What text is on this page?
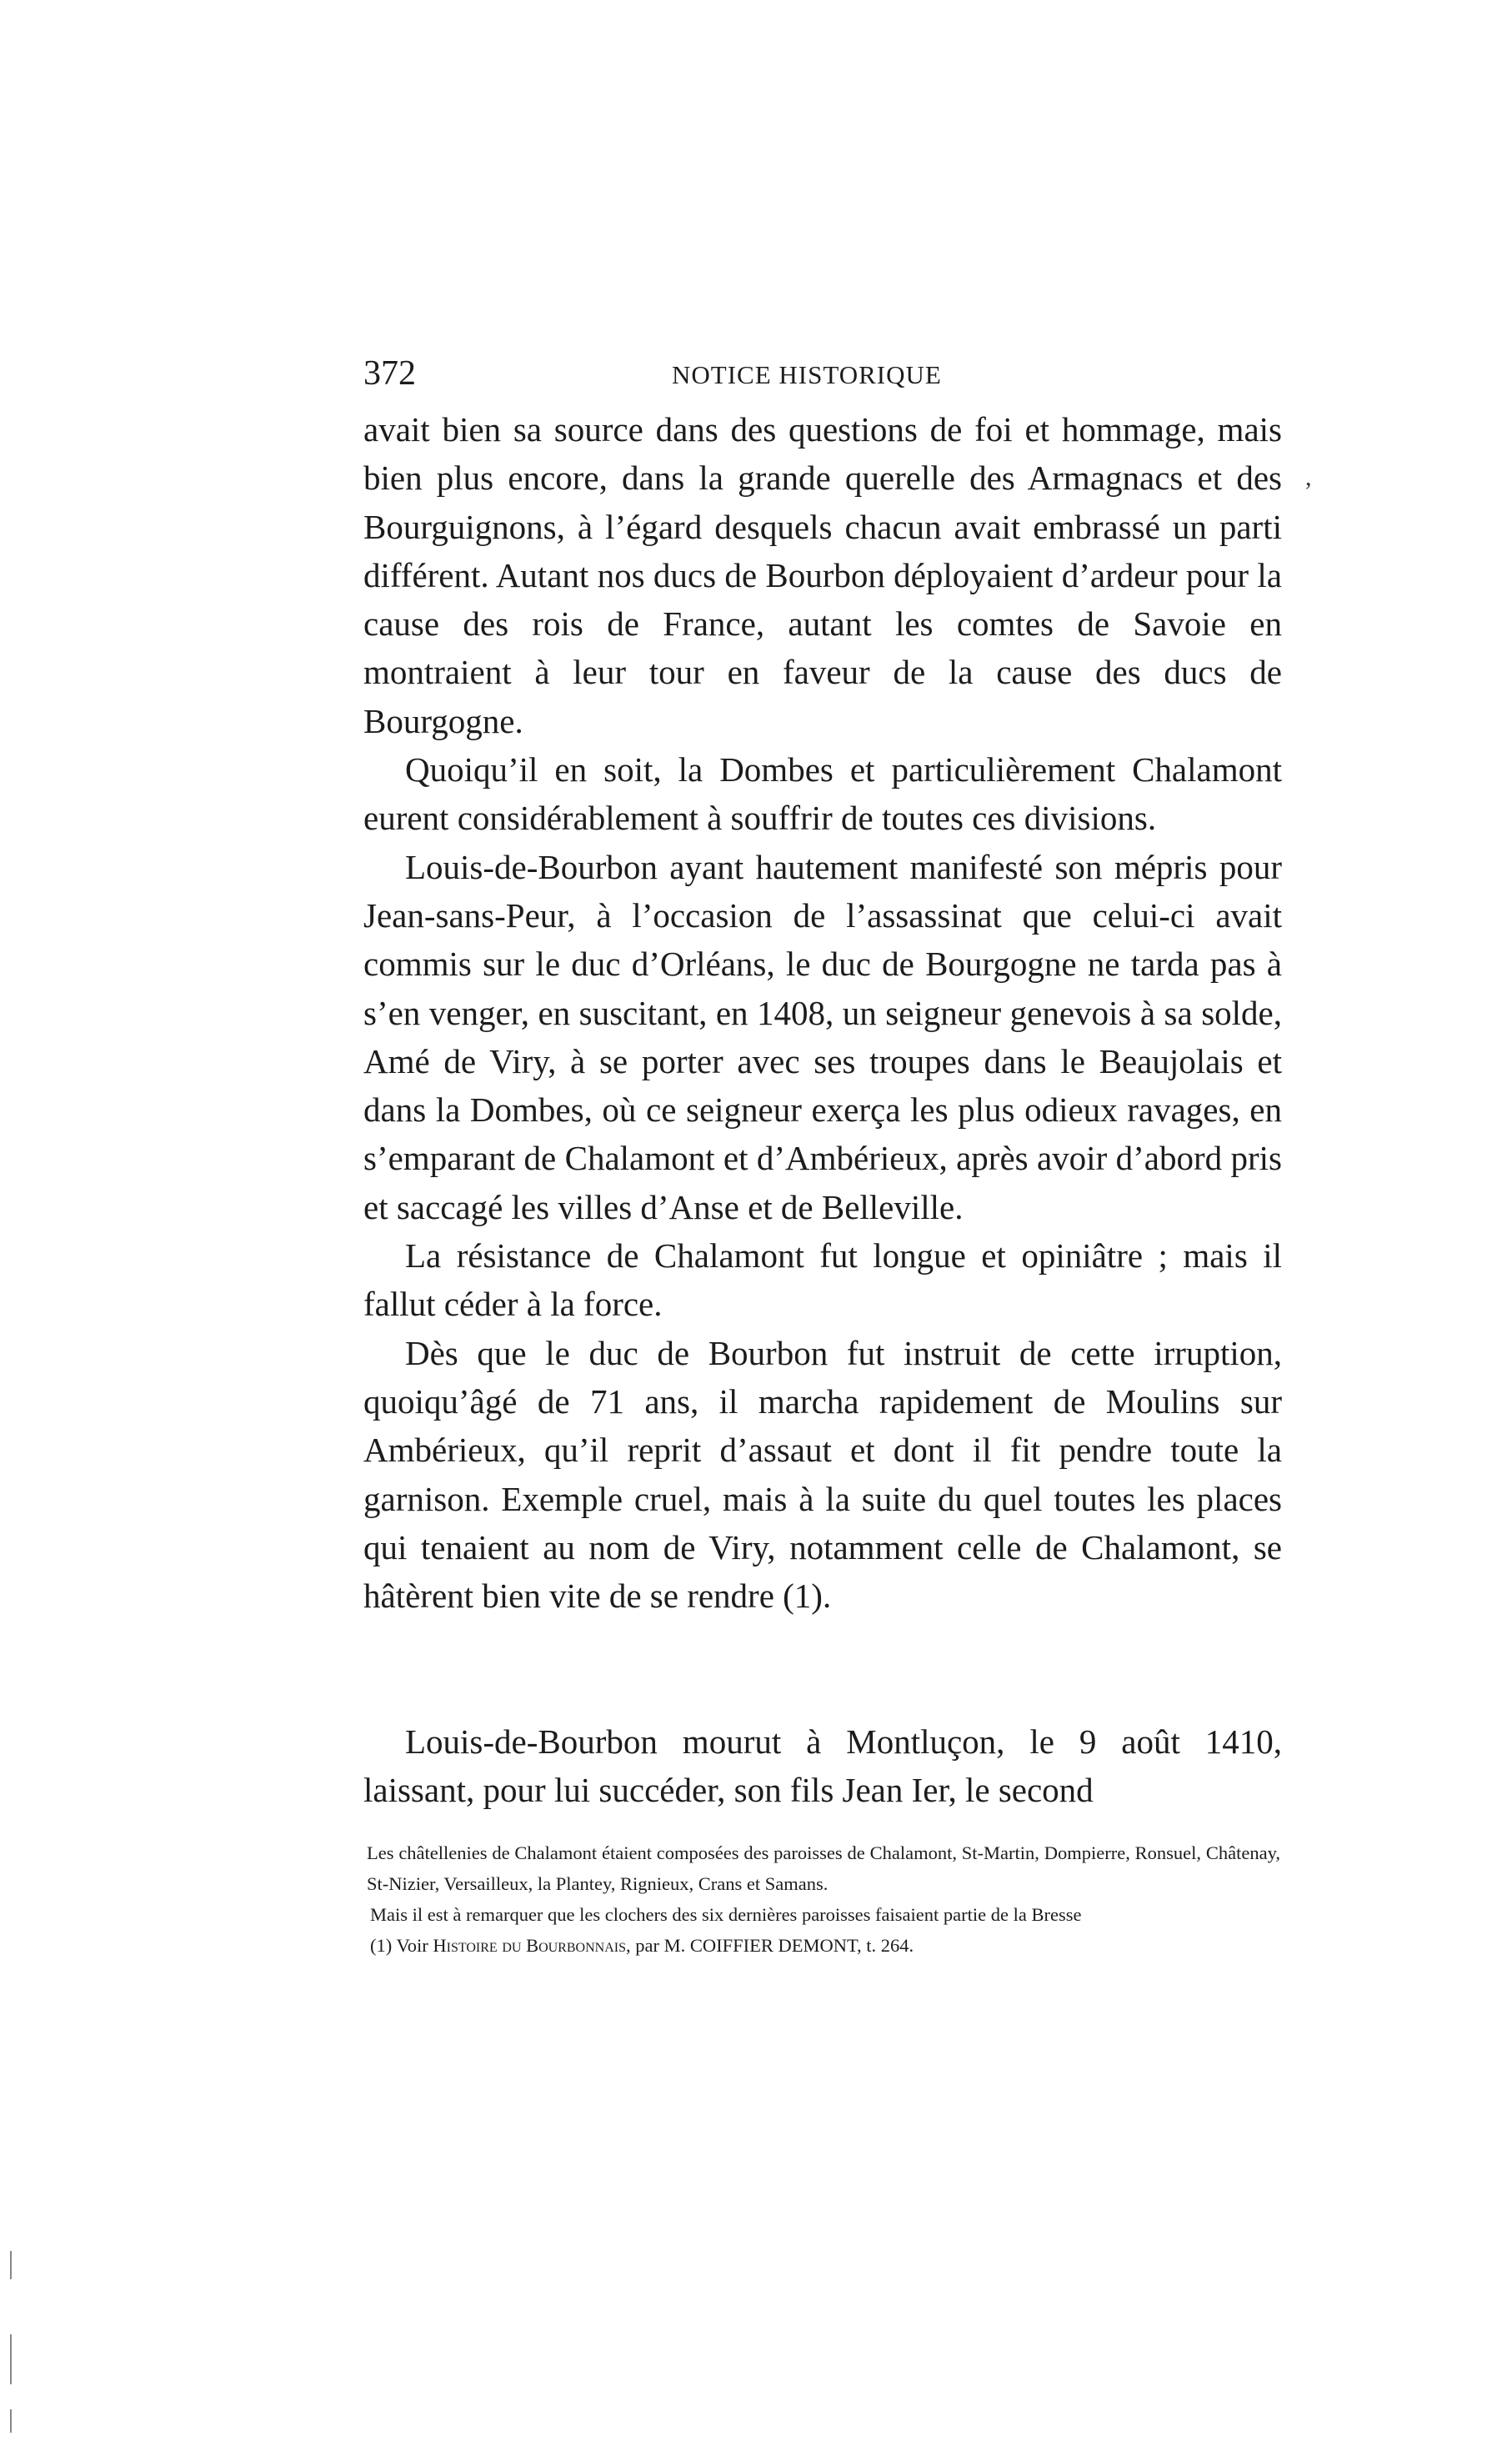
372	NOTICE HISTORIQUE
,

avait bien sa source dans des questions de foi et hommage, mais bien plus encore, dans la grande querelle des Armagnacs et des Bourguignons, à l’égard desquels chacun avait embrassé un parti différent. Autant nos ducs de Bourbon déployaient d’ardeur pour la cause des rois de France, autant les comtes de Savoie en montraient à leur tour en faveur de la cause des ducs de Bourgogne.

Quoiqu’il en soit, la Dombes et particulièrement Chalamont eurent considérablement à souffrir de toutes ces divisions.

Louis-de-Bourbon ayant hautement manifesté son mépris pour Jean-sans-Peur, à l’occasion de l’assassinat que celui-ci avait commis sur le duc d’Orléans, le duc de Bourgogne ne tarda pas à s’en venger, en suscitant, en 1408, un seigneur genevois à sa solde, Amé de Viry, à se porter avec ses troupes dans le Beaujolais et dans la Dombes, où ce seigneur exerça les plus odieux ravages, en s’emparant de Chalamont et d’Ambérieux, après avoir d’abord pris et saccagé les villes d’Anse et de Belleville.

La résistance de Chalamont fut longue et opiniâtre ; mais il fallut céder à la force.

Dès que le duc de Bourbon fut instruit de cette irruption, quoiqu’âgé de 71 ans, il marcha rapidement de Moulins sur Ambérieux, qu’il reprit d’assaut et dont il fit pendre toute la garnison. Exemple cruel, mais à la suite du quel toutes les places qui tenaient au nom de Viry, notamment celle de Chalamont, se hâtèrent bien vite de se rendre (1).

Louis-de-Bourbon mourut à Montluçon, le 9 août 1410, laissant, pour lui succéder, son fils Jean Ier, le second

Les châtellenies de Chalamont étaient composées des paroisses de Chalamont, St-Martin, Dompierre, Ronsuel, Châtenay, St-Nizier, Versailleux, la Plantey, Rignieux, Crans et Samans.

Mais il est à remarquer que les clochers des six dernières paroisses faisaient partie de la Bresse

(1) Voir Histoire du Bourbonnais, par M. COIFFIER DEMONT, t. 264.
